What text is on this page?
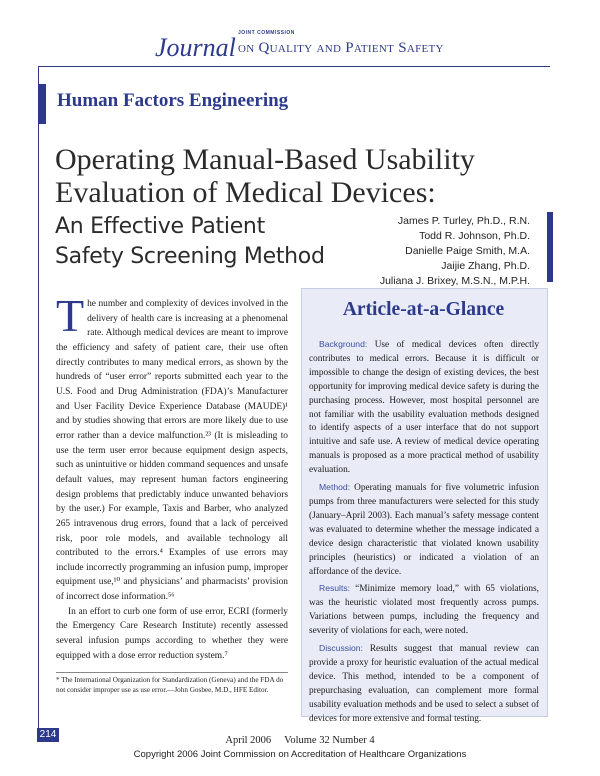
JOINT COMMISSION
Journal on Quality and Patient Safety
Human Factors Engineering
Operating Manual-Based Usability Evaluation of Medical Devices:
An Effective Patient Safety Screening Method
James P. Turley, Ph.D., R.N.
Todd R. Johnson, Ph.D.
Danielle Paige Smith, M.A.
Jaijie Zhang, Ph.D.
Juliana J. Brixey, M.S.N., M.P.H.

The number and complexity of devices involved in the delivery of health care is increasing at a phenomenal rate. Although medical devices are meant to improve the efficiency and safety of patient care, their use often directly contributes to many medical errors, as shown by the hundreds of “user error” reports submitted each year to the U.S. Food and Drug Administration (FDA)’s Manufacturer and User Facility Device Experience Database (MAUDE)¹ and by studies showing that errors are more likely due to use error rather than a device malfunction.²³ (It is misleading to use the term user error because equipment design aspects, such as unintuitive or hidden command sequences and unsafe default values, may represent human factors engineering design problems that predictably induce unwanted behaviors by the user.) For example, Taxis and Barber, who analyzed 265 intravenous drug errors, found that a lack of perceived risk, poor role models, and available technology all contributed to the errors.⁴ Examples of use errors may include incorrectly programming an infusion pump, improper equipment use,¹⁰ and physicians’ and pharmacists’ provision of incorrect dose information.⁵⁶

In an effort to curb one form of use error, ECRI (formerly the Emergency Care Research Institute) recently assessed several infusion pumps according to whether they were equipped with a dose error reduction system.⁷

* The International Organization for Standardization (Geneva) and the FDA do not consider improper use as use error.—John Gosbee, M.D., HFE Editor.
Article-at-a-Glance

Background: Use of medical devices often directly contributes to medical errors. Because it is difficult or impossible to change the design of existing devices, the best opportunity for improving medical device safety is during the purchasing process. However, most hospital personnel are not familiar with the usability evaluation methods designed to identify aspects of a user interface that do not support intuitive and safe use. A review of medical device operating manuals is proposed as a more practical method of usability evaluation.

Method: Operating manuals for five volumetric infusion pumps from three manufacturers were selected for this study (January–April 2003). Each manual’s safety message content was evaluated to determine whether the message indicated a device design characteristic that violated known usability principles (heuristics) or indicated a violation of an affordance of the device.

Results: “Minimize memory load,” with 65 violations, was the heuristic violated most frequently across pumps. Variations between pumps, including the frequency and severity of violations for each, were noted.

Discussion: Results suggest that manual review can provide a proxy for heuristic evaluation of the actual medical device. This method, intended to be a component of prepurchasing evaluation, can complement more formal usability evaluation methods and be used to select a subset of devices for more extensive and formal testing.

214
April 2006     Volume 32 Number 4
Copyright 2006 Joint Commission on Accreditation of Healthcare Organizations
